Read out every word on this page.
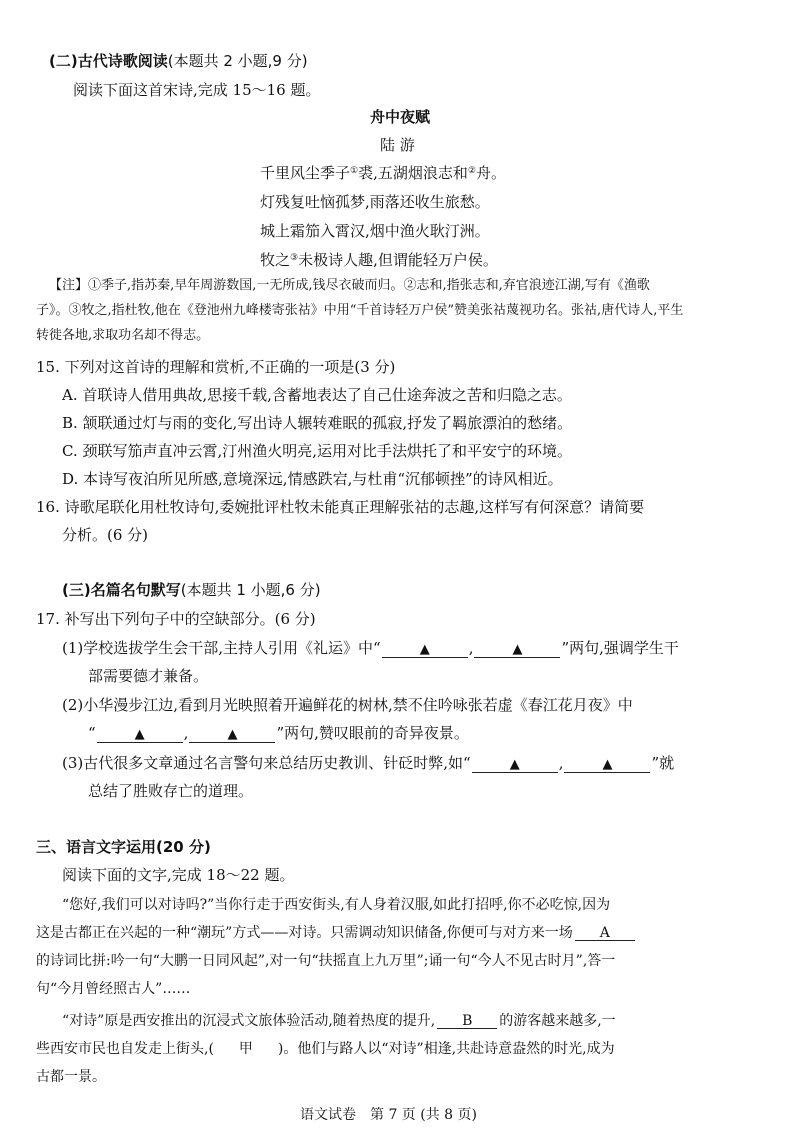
(二)古代诗歌阅读(本题共 2 小题,9 分)
阅读下面这首宋诗,完成 15～16 题。
舟中夜赋
陆 游
千里风尘季子①裘,五湖烟浪志和②舟。
灯残复吐恼孤梦,雨落还收生旅愁。
城上霜笳入霄汉,烟中渔火耿汀洲。
牧之③未极诗人趣,但谓能轻万户侯。
【注】①季子,指苏秦,早年周游数国,一无所成,钱尽衣破而归。②志和,指张志和,弃官浪迹江湖,写有《渔歌
子》。③牧之,指杜牧,他在《登池州九峰楼寄张祜》中用“千首诗轻万户侯”赞美张祜蔑视功名。张祜,唐代诗人,平生
转徙各地,求取功名却不得志。
15. 下列对这首诗的理解和赏析,不正确的一项是(3 分)
A. 首联诗人借用典故,思接千载,含蓄地表达了自己仕途奔波之苦和归隐之志。
B. 颔联通过灯与雨的变化,写出诗人辗转难眠的孤寂,抒发了羁旅漂泊的愁绪。
C. 颈联写笳声直冲云霄,汀州渔火明亮,运用对比手法烘托了和平安宁的环境。
D. 本诗写夜泊所见所感,意境深远,情感跌宕,与杜甫“沉郁顿挫”的诗风相近。
16. 诗歌尾联化用杜牧诗句,委婉批评杜牧未能真正理解张祜的志趣,这样写有何深意？请简要
分析。(6 分)
(三)名篇名句默写(本题共 1 小题,6 分)
17. 补写出下列句子中的空缺部分。(6 分)
(1)学校选拔学生会干部,主持人引用《礼运》中“	▲	,	▲	”两句,强调学生干
部需要德才兼备。
(2)小华漫步江边,看到月光映照着开遍鲜花的树林,禁不住吟咏张若虚《春江花月夜》中
“	▲	,	▲	”两句,赞叹眼前的奇异夜景。
(3)古代很多文章通过名言警句来总结历史教训、针砭时弊,如“	▲	,	▲	”就
总结了胜败存亡的道理。
三、语言文字运用(20 分)
阅读下面的文字,完成 18～22 题。
“您好,我们可以对诗吗?”当你行走于西安街头,有人身着汉服,如此打招呼,你不必吃惊,因为
这是古都正在兴起的一种“潮玩”方式——对诗。只需调动知识储备,你便可与对方来一场 A
的诗词比拼:吟一句“大鹏一日同风起”,对一句“扶摇直上九万里”;诵一句“今人不见古时月”,答一
句“今月曾经照古人”……
“对诗”原是西安推出的沉浸式文旅体验活动,随着热度的提升, B 的游客越来越多,一
些西安市民也自发走上街头,( 甲 )。他们与路人以“对诗”相逢,共赴诗意盎然的时光,成为
古都一景。
语文试卷　第 7 页 (共 8 页)
